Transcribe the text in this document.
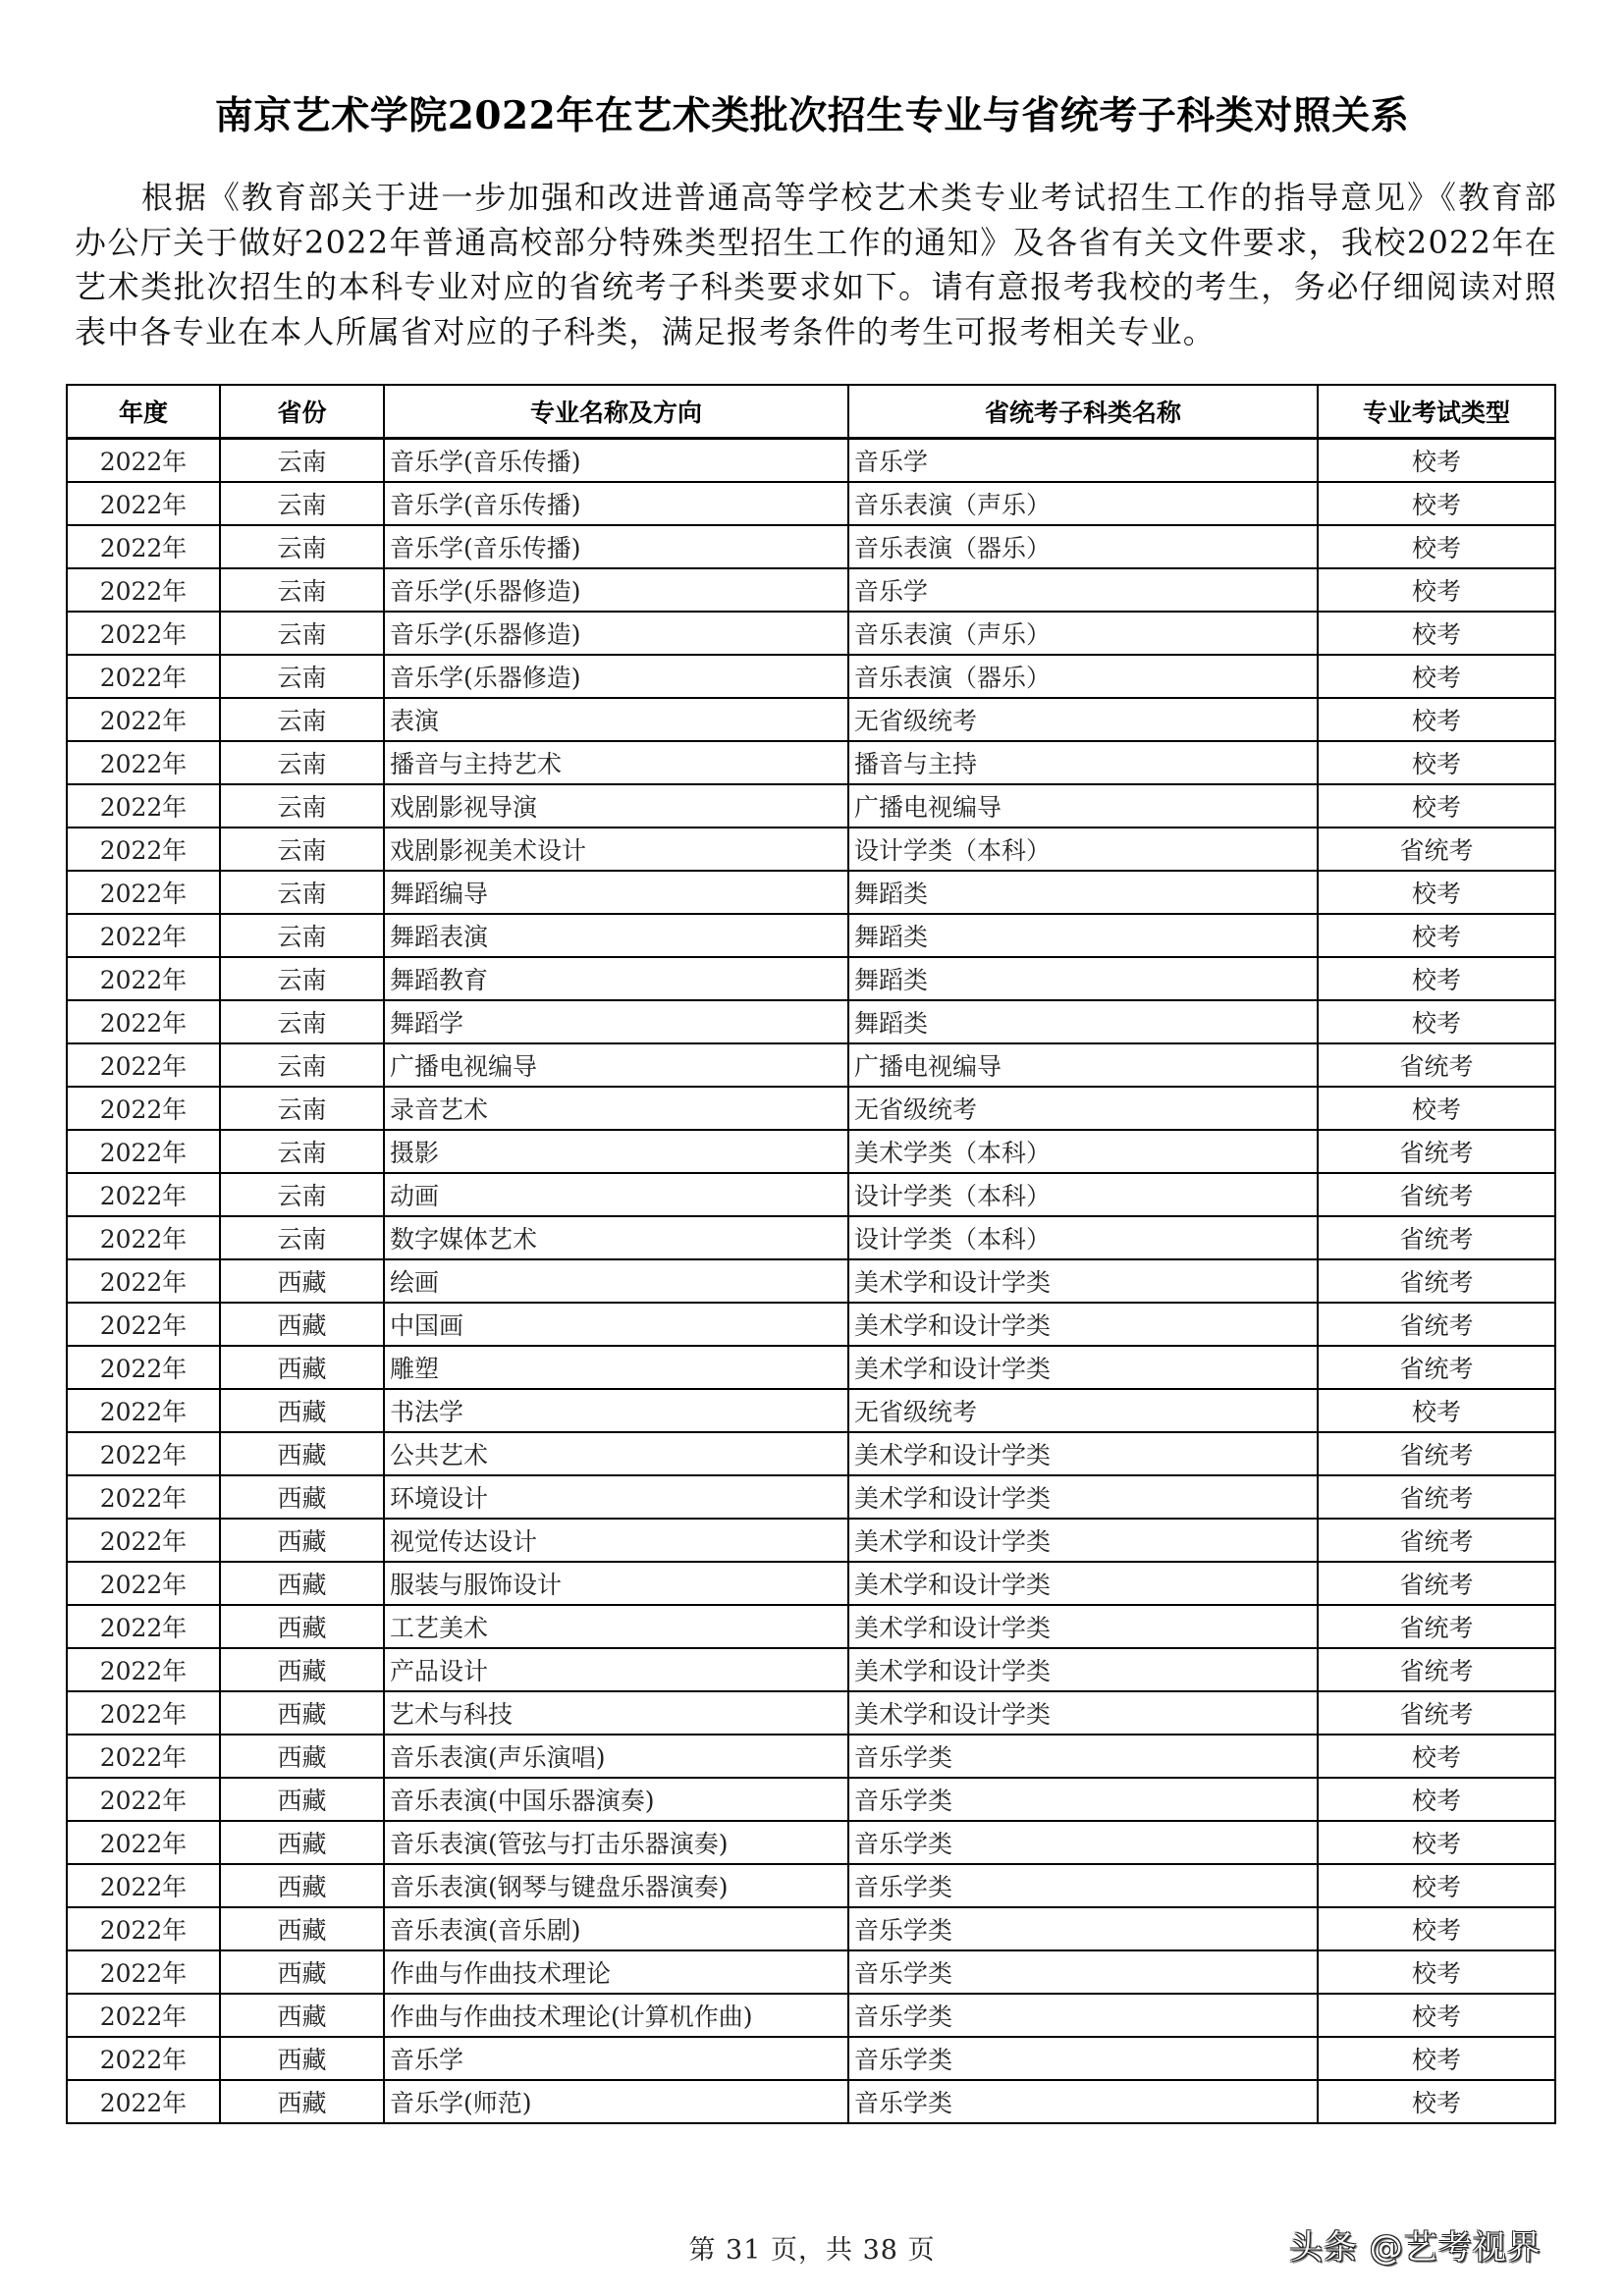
南京艺术学院2022年在艺术类批次招生专业与省统考子科类对照关系

根据《教育部关于进一步加强和改进普通高等学校艺术类专业考试招生工作的指导意见》《教育部办公厅关于做好2022年普通高校部分特殊类型招生工作的通知》及各省有关文件要求，我校2022年在艺术类批次招生的本科专业对应的省统考子科类要求如下。请有意报考我校的考生，务必仔细阅读对照表中各专业在本人所属省对应的子科类，满足报考条件的考生可报考相关专业。

年度	省份	专业名称及方向	省统考子科类名称	专业考试类型
2022年	云南	音乐学(音乐传播)	音乐学	校考
2022年	云南	音乐学(音乐传播)	音乐表演（声乐）	校考
2022年	云南	音乐学(音乐传播)	音乐表演（器乐）	校考
2022年	云南	音乐学(乐器修造)	音乐学	校考
2022年	云南	音乐学(乐器修造)	音乐表演（声乐）	校考
2022年	云南	音乐学(乐器修造)	音乐表演（器乐）	校考
2022年	云南	表演	无省级统考	校考
2022年	云南	播音与主持艺术	播音与主持	校考
2022年	云南	戏剧影视导演	广播电视编导	校考
2022年	云南	戏剧影视美术设计	设计学类（本科）	省统考
2022年	云南	舞蹈编导	舞蹈类	校考
2022年	云南	舞蹈表演	舞蹈类	校考
2022年	云南	舞蹈教育	舞蹈类	校考
2022年	云南	舞蹈学	舞蹈类	校考
2022年	云南	广播电视编导	广播电视编导	省统考
2022年	云南	录音艺术	无省级统考	校考
2022年	云南	摄影	美术学类（本科）	省统考
2022年	云南	动画	设计学类（本科）	省统考
2022年	云南	数字媒体艺术	设计学类（本科）	省统考
2022年	西藏	绘画	美术学和设计学类	省统考
2022年	西藏	中国画	美术学和设计学类	省统考
2022年	西藏	雕塑	美术学和设计学类	省统考
2022年	西藏	书法学	无省级统考	校考
2022年	西藏	公共艺术	美术学和设计学类	省统考
2022年	西藏	环境设计	美术学和设计学类	省统考
2022年	西藏	视觉传达设计	美术学和设计学类	省统考
2022年	西藏	服装与服饰设计	美术学和设计学类	省统考
2022年	西藏	工艺美术	美术学和设计学类	省统考
2022年	西藏	产品设计	美术学和设计学类	省统考
2022年	西藏	艺术与科技	美术学和设计学类	省统考
2022年	西藏	音乐表演(声乐演唱)	音乐学类	校考
2022年	西藏	音乐表演(中国乐器演奏)	音乐学类	校考
2022年	西藏	音乐表演(管弦与打击乐器演奏)	音乐学类	校考
2022年	西藏	音乐表演(钢琴与键盘乐器演奏)	音乐学类	校考
2022年	西藏	音乐表演(音乐剧)	音乐学类	校考
2022年	西藏	作曲与作曲技术理论	音乐学类	校考
2022年	西藏	作曲与作曲技术理论(计算机作曲)	音乐学类	校考
2022年	西藏	音乐学	音乐学类	校考
2022年	西藏	音乐学(师范)	音乐学类	校考
第 31 页，共 38 页	头条 @艺考视界
